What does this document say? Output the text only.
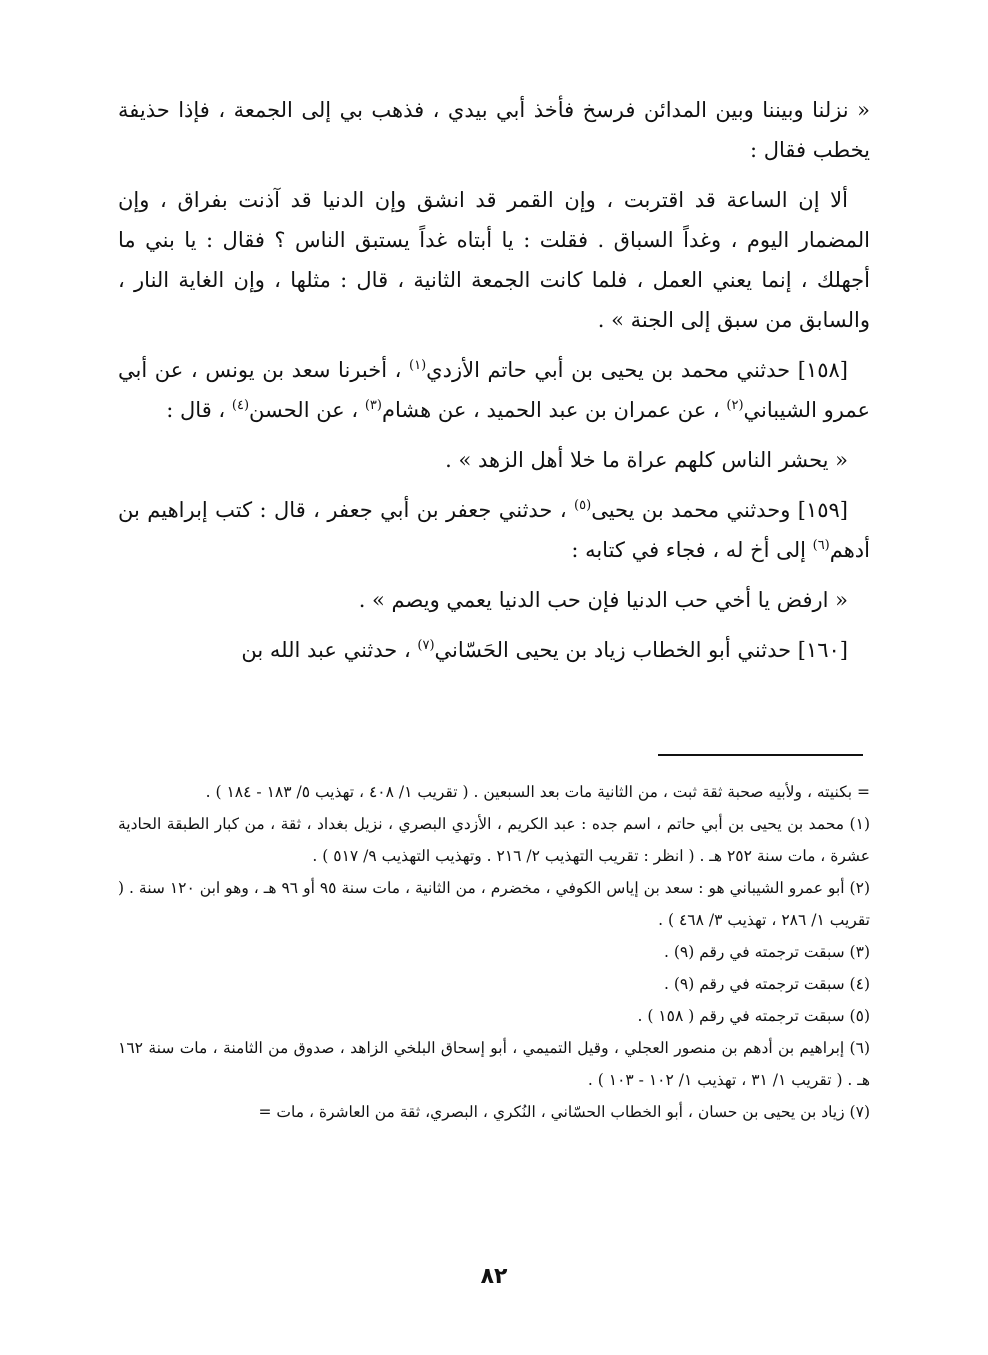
« نزلنا وبيننا وبين المدائن فرسخ فأخذ أبي بيدي ، فذهب بي إلى الجمعة ، فإذا حذيفة يخطب فقال :

ألا إن الساعة قد اقتربت ، وإن القمر قد انشق وإن الدنيا قد آذنت بفراق ، وإن المضمار اليوم ، وغداً السباق . فقلت : يا أبتاه غداً يستبق الناس ؟ فقال : يا بني ما أجهلك ، إنما يعني العمل ، فلما كانت الجمعة الثانية ، قال : مثلها ، وإن الغاية النار ، والسابق من سبق إلى الجنة » .

[١٥٨] حدثني محمد بن يحيى بن أبي حاتم الأزدي$^{(١)}$ ، أخبرنا سعد بن يونس ، عن أبي عمرو الشيباني$^{(٢)}$ ، عن عمران بن عبد الحميد ، عن هشام$^{(٣)}$ ، عن الحسن$^{(٤)}$ ، قال :

« يحشر الناس كلهم عراة ما خلا أهل الزهد » .

[١٥٩] وحدثني محمد بن يحيى$^{(٥)}$ ، حدثني جعفر بن أبي جعفر ، قال : كتب إبراهيم بن أدهم$^{(٦)}$ إلى أخ له ، فجاء في كتابه :

« ارفض يا أخي حب الدنيا فإن حب الدنيا يعمي ويصم » .

[١٦٠] حدثني أبو الخطاب زياد بن يحيى الحَسّاني$^{(٧)}$ ، حدثني عبد الله بن

= بكنيته ، ولأبيه صحبة ثقة ثبت ، من الثانية مات بعد السبعين . ( تقريب ١/ ٤٠٨ ، تهذيب ٥/ ١٨٣ - ١٨٤ ) .

(١) محمد بن يحيى بن أبي حاتم ، اسم جده : عبد الكريم ، الأزدي البصري ، نزيل بغداد ، ثقة ، من كبار الطبقة الحادية عشرة ، مات سنة ٢٥٢ هـ . ( انظر : تقريب التهذيب ٢/ ٢١٦ . وتهذيب التهذيب ٩/ ٥١٧ ) .

(٢) أبو عمرو الشيباني هو : سعد بن إياس الكوفي ، مخضرم ، من الثانية ، مات سنة ٩٥ أو ٩٦ هـ ، وهو ابن ١٢٠ سنة . ( تقريب ١/ ٢٨٦ ، تهذيب ٣/ ٤٦٨ ) .

(٣) سبقت ترجمته في رقم (٩) .

(٤) سبقت ترجمته في رقم (٩) .

(٥) سبقت ترجمته في رقم ( ١٥٨ ) .

(٦) إبراهيم بن أدهم بن منصور العجلي ، وقيل التميمي ، أبو إسحاق البلخي الزاهد ، صدوق من الثامنة ، مات سنة ١٦٢ هـ . ( تقريب ١/ ٣١ ، تهذيب ١/ ١٠٢ - ١٠٣ ) .

(٧) زياد بن يحيى بن حسان ، أبو الخطاب الحسّاني ، النُكري ، البصري، ثقة من العاشرة ، مات =

٨٢
